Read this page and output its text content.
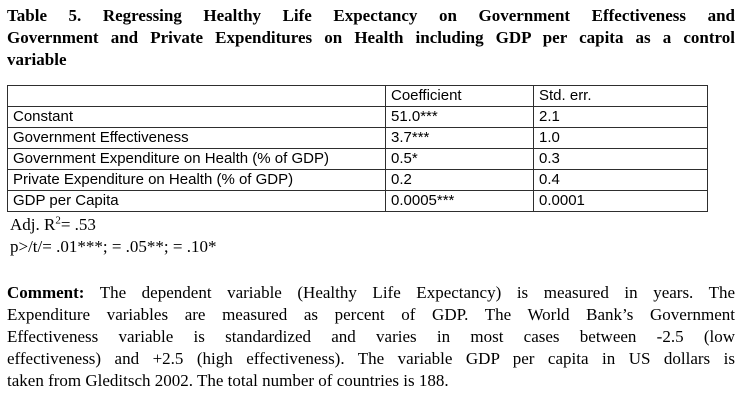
Table 5. Regressing Healthy Life Expectancy on Government Effectiveness and
Government and Private Expenditures on Health including GDP per capita as a control
variable
	Coefficient	Std. err.
Constant	51.0***	2.1
Government Effectiveness	3.7***	1.0
Government Expenditure on Health (% of GDP)	0.5*	0.3
Private Expenditure on Health (% of GDP)	0.2	0.4
GDP per Capita	0.0005***	0.0001
Adj. $R^2= .53$
p>/t/= .01***; = .05**; = .10*
Comment: The dependent variable (Healthy Life Expectancy) is measured in years. The
Expenditure variables are measured as percent of GDP. The World Bank’s Government
Effectiveness variable is standardized and varies in most cases between -2.5 (low
effectiveness) and +2.5 (high effectiveness). The variable GDP per capita in US dollars is
taken from Gleditsch 2002. The total number of countries is 188.
